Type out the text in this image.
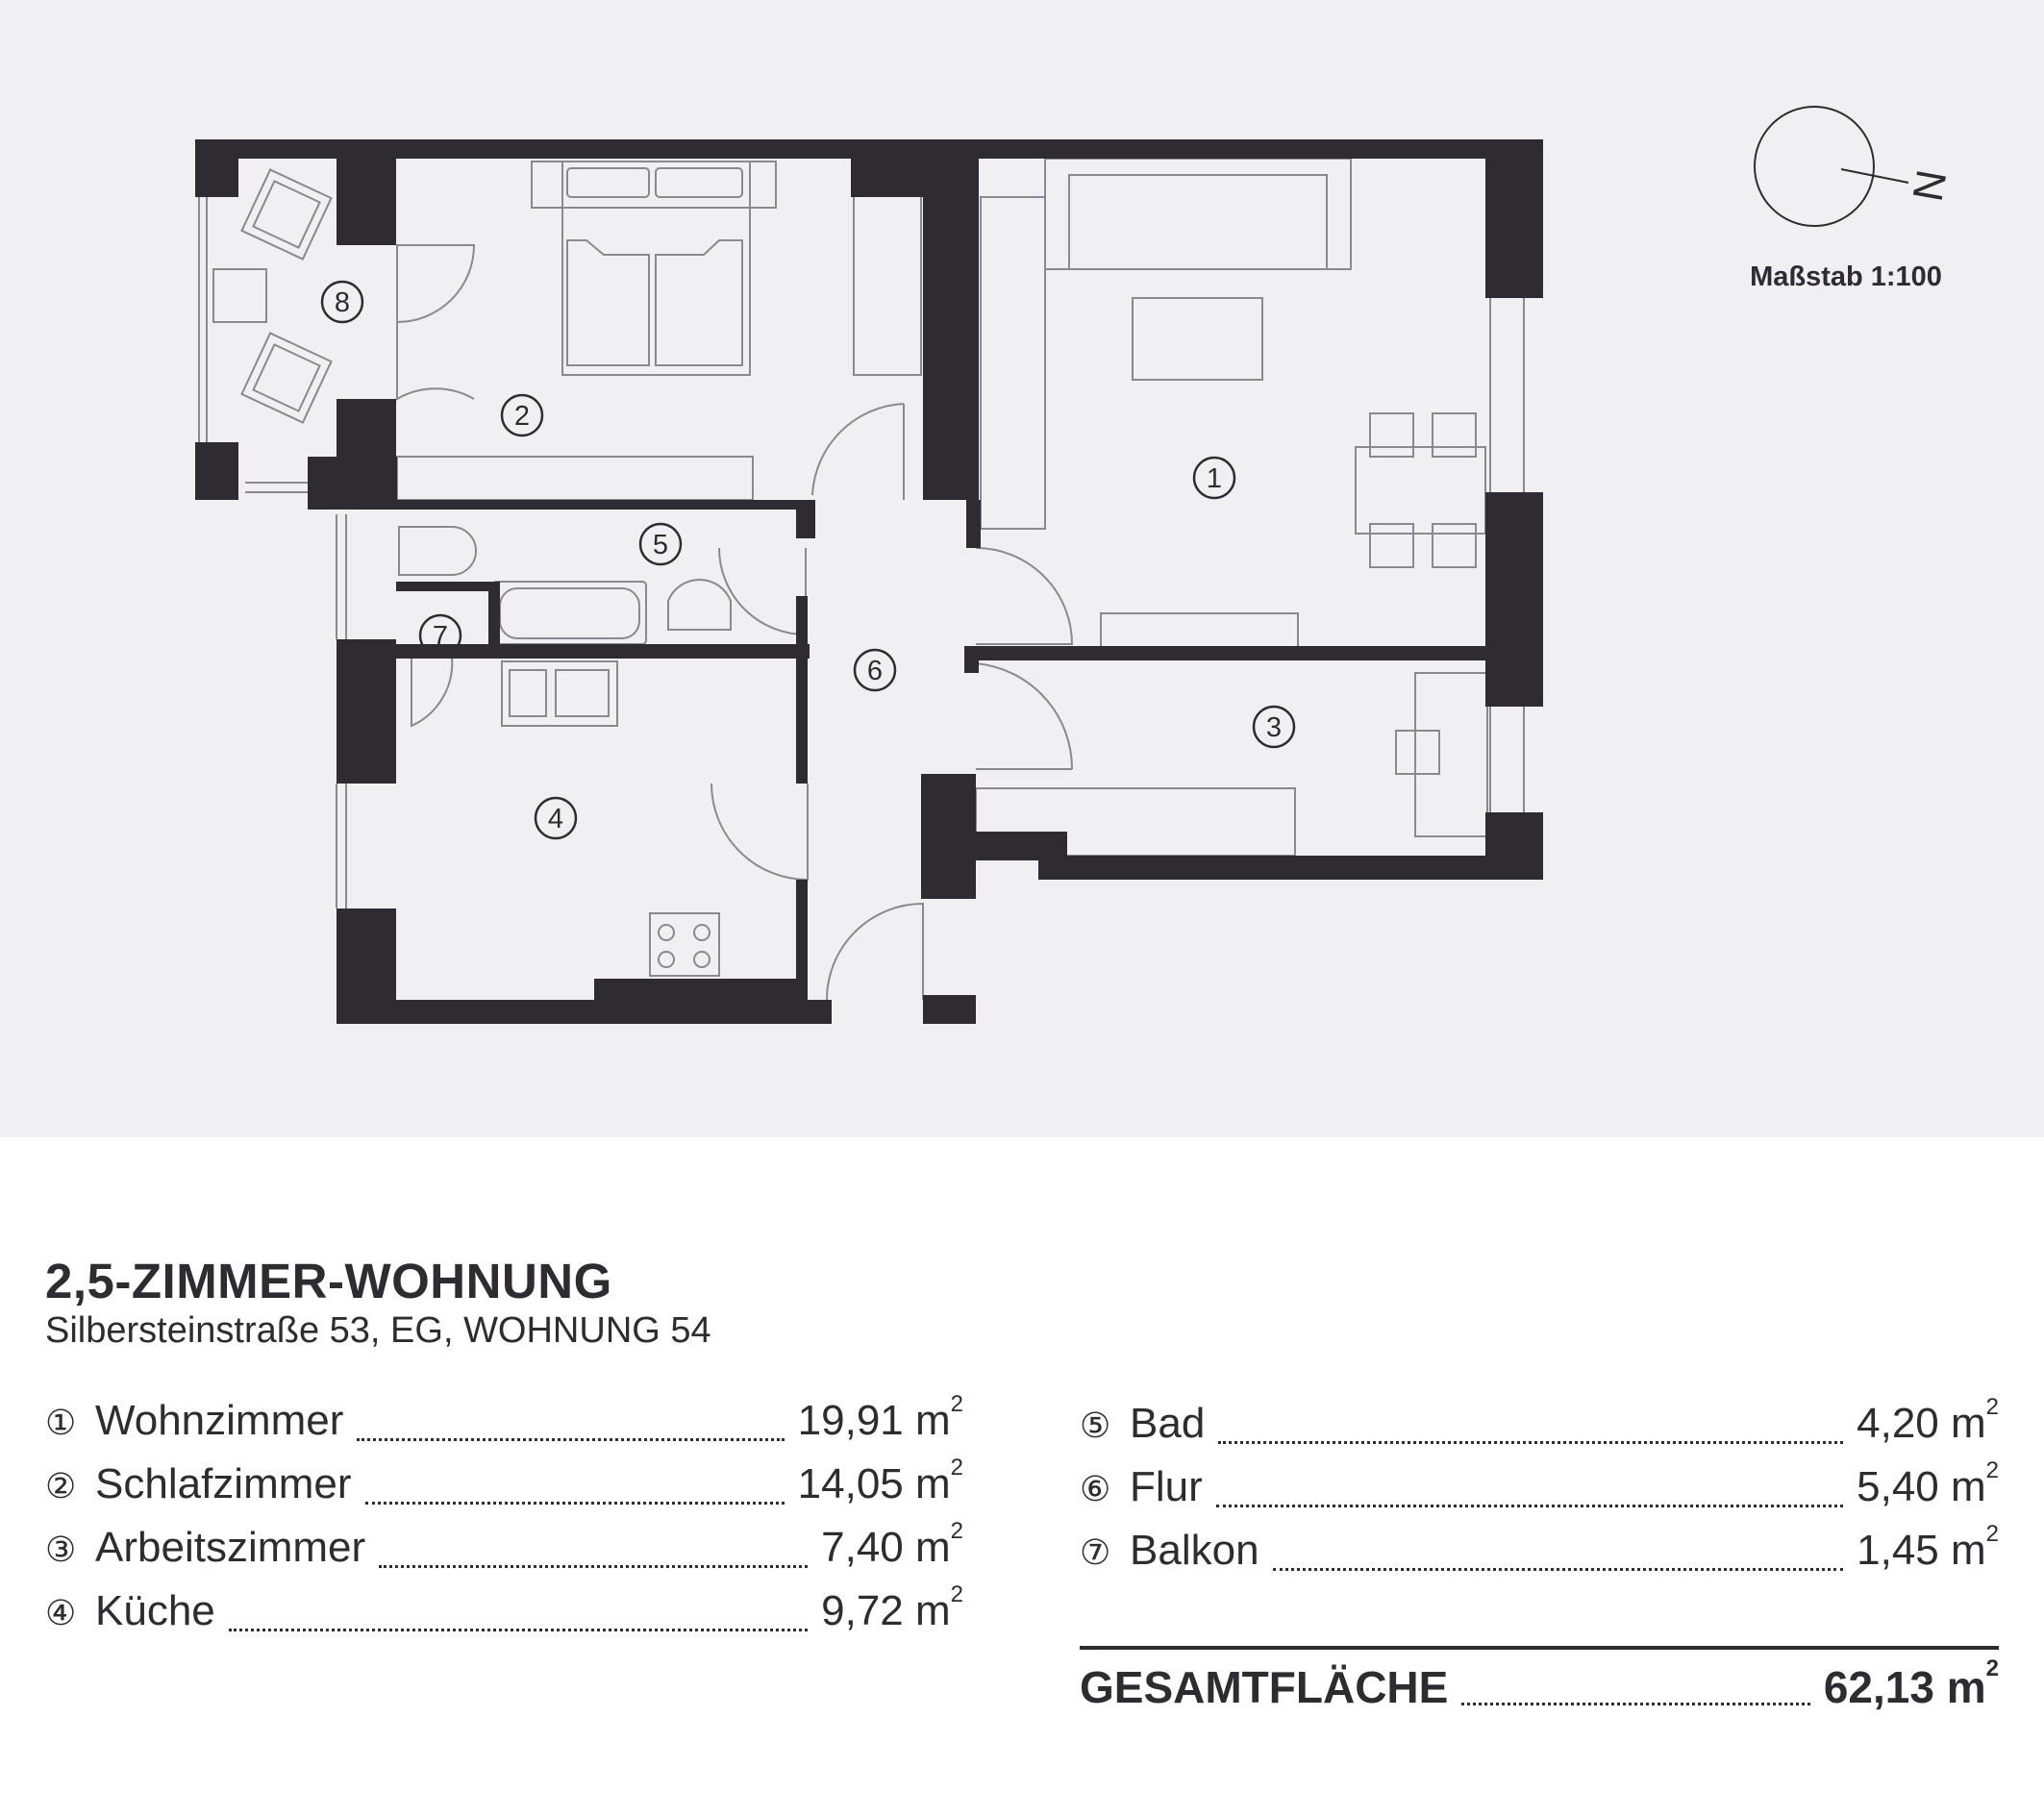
1
2
3
4
5
6
7
8
N
Maßstab 1:100
2,5-ZIMMER-WOHNUNG
Silbersteinstraße 53, EG, WOHNUNG 54
① Wohnzimmer	19,91 $m^2$
② Schlafzimmer	14,05 $m^2$
③ Arbeitszimmer	7,40 $m^2$
④ Küche	9,72 $m^2$
⑤ Bad	4,20 $m^2$
⑥ Flur	5,40 $m^2$
⑦ Balkon	1,45 $m^2$
GESAMTFLÄCHE	62,13 $m^2$
